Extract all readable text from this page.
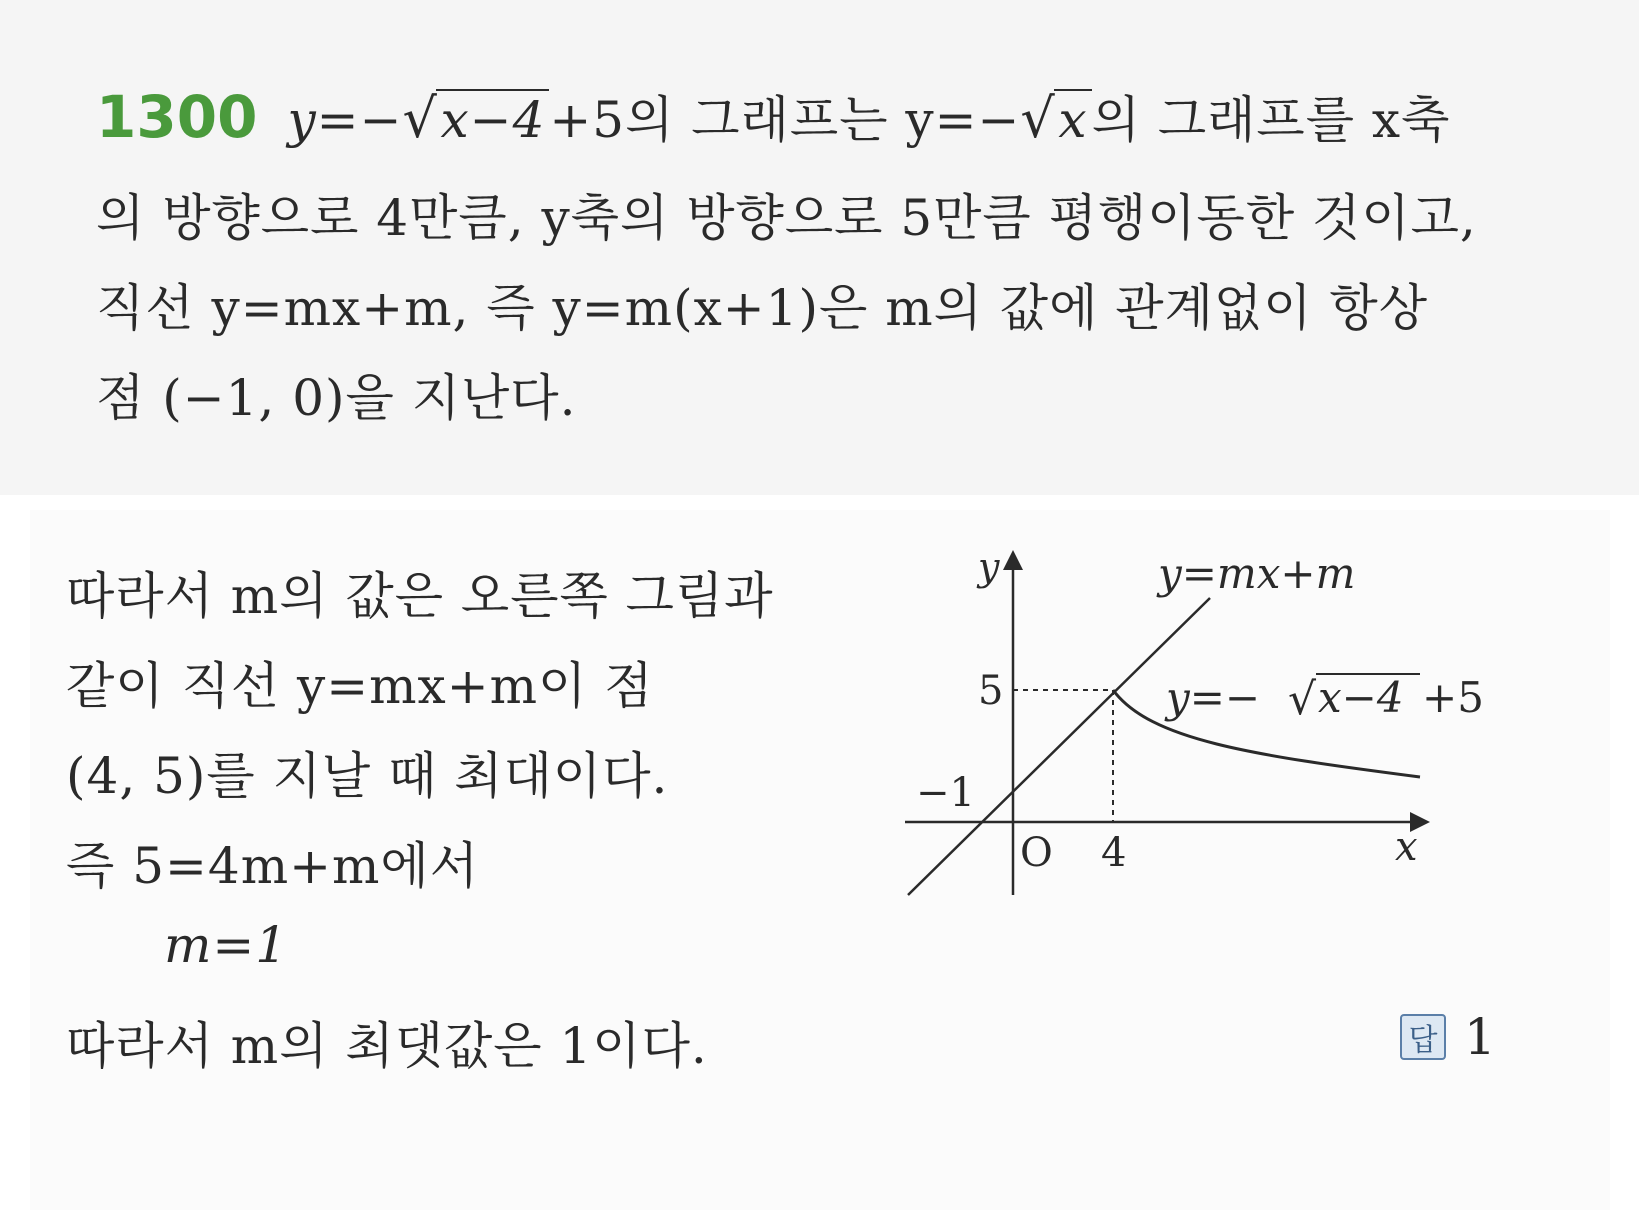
1300 y=− √ x−4+5의 그래프는 y=− √ x의 그래프를 x축
의 방향으로 4만큼, y축의 방향으로 5만큼 평행이동한 것이고,
직선 y=mx+m, 즉 y=m(x+1)은 m의 값에 관계없이 항상
점 (−1, 0)을 지난다.
따라서 m의 값은 오른쪽 그림과
같이 직선 y=mx+m이 점
(4, 5)를 지날 때 최대이다.
즉 5=4m+m에서
m=1
따라서 m의 최댓값은 1이다.	답 1
y
x
O 4
5
−1
y=mx+m
y=− √ x−4 +5
